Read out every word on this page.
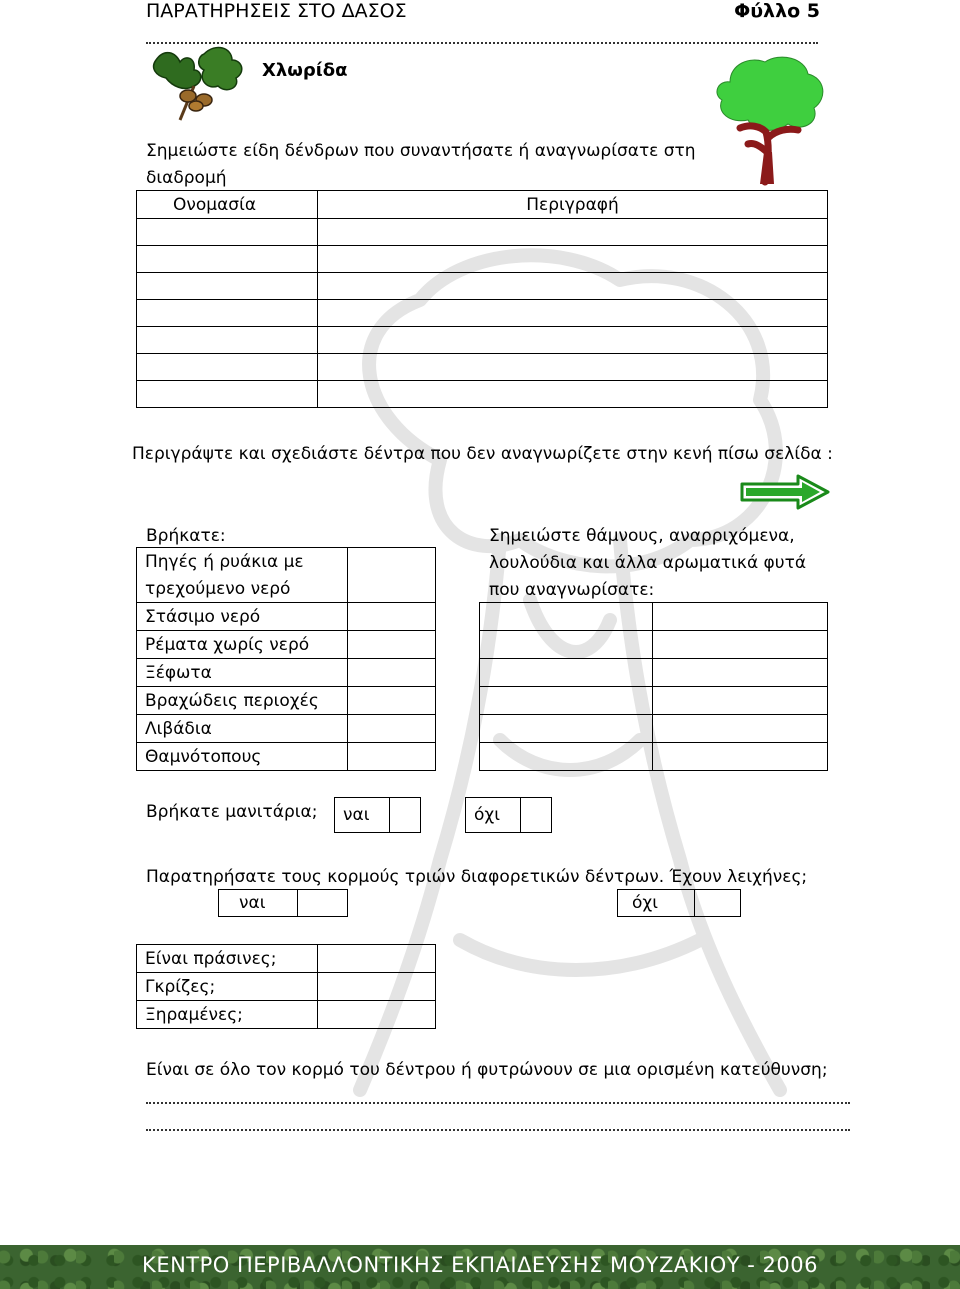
ΠΑΡΑΤΗΡΗΣΕΙΣ ΣΤΟ ΔΑΣΟΣ	Φύλλο 5
Χλωρίδα
Σημειώστε είδη δένδρων που συναντήσατε ή αναγνωρίσατε στη
διαδρομή
Ονομασία	Περιγραφή

Περιγράψτε και σχεδιάστε δέντρα που δεν αναγνωρίζετε στην κενή πίσω σελίδα :
Βρήκατε:
Πηγές ή ρυάκια με	
τρεχούμενο νερό	
Στάσιμο νερό	
Ρέματα χωρίς νερό	
Ξέφωτα	
Βραχώδεις περιοχές	
Λιβάδια	
Θαμνότοπους	
Σημειώστε θάμνους, αναρριχόμενα,
λουλούδια και άλλα αρωματικά φυτά
που αναγνωρίσατε:

Βρήκατε μανιτάρια;	ναι	όχι
Παρατηρήσατε τους κορμούς τριών διαφορετικών δέντρων. Έχουν λειχήνες;
ναι	όχι
Είναι πράσινες;	
Γκρίζες;	
Ξηραμένες;	
Είναι σε όλο τον κορμό του δέντρου ή φυτρώνουν σε μια ορισμένη κατεύθυνση;
ΚΕΝΤΡΟ ΠΕΡΙΒΑΛΛΟΝΤΙΚΗΣ ΕΚΠΑΙΔΕΥΣΗΣ ΜΟΥΖΑΚΙΟΥ - 2006
